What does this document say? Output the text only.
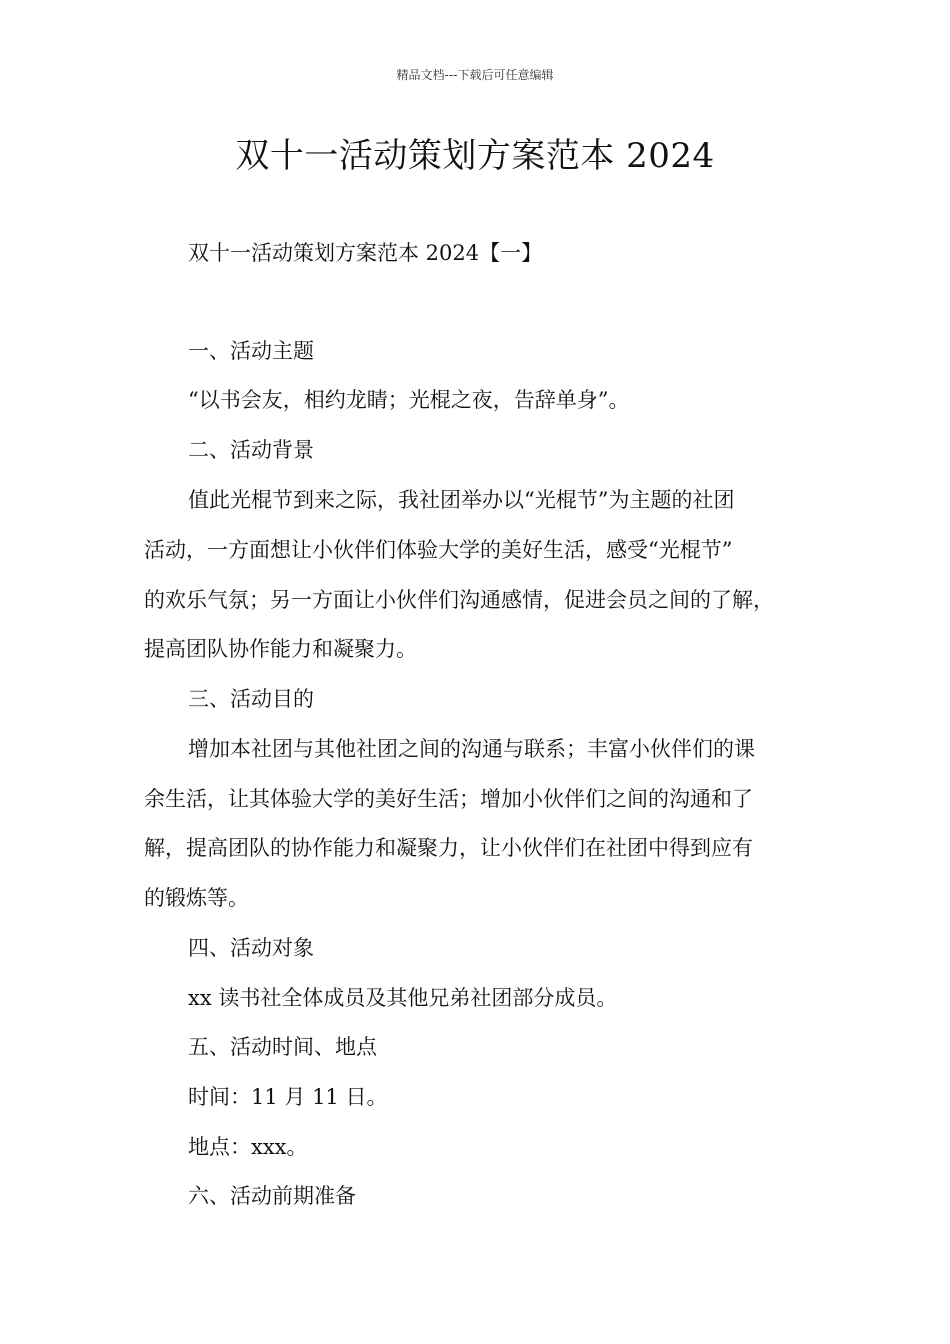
精品文档---下载后可任意编辑
双十一活动策划方案范本 2024

双十一活动策划方案范本 2024【一】

一、活动主题

“以书会友，相约龙睛；光棍之夜，告辞单身”。

二、活动背景

值此光棍节到来之际，我社团举办以“光棍节”为主题的社团

活动，一方面想让小伙伴们体验大学的美好生活，感受“光棍节”

的欢乐气氛；另一方面让小伙伴们沟通感情，促进会员之间的了解，

提高团队协作能力和凝聚力。

三、活动目的

增加本社团与其他社团之间的沟通与联系；丰富小伙伴们的课

余生活，让其体验大学的美好生活；增加小伙伴们之间的沟通和了

解，提高团队的协作能力和凝聚力，让小伙伴们在社团中得到应有

的锻炼等。

四、活动对象

xx 读书社全体成员及其他兄弟社团部分成员。

五、活动时间、地点

时间：11 月 11 日。

地点：xxx。

六、活动前期准备
